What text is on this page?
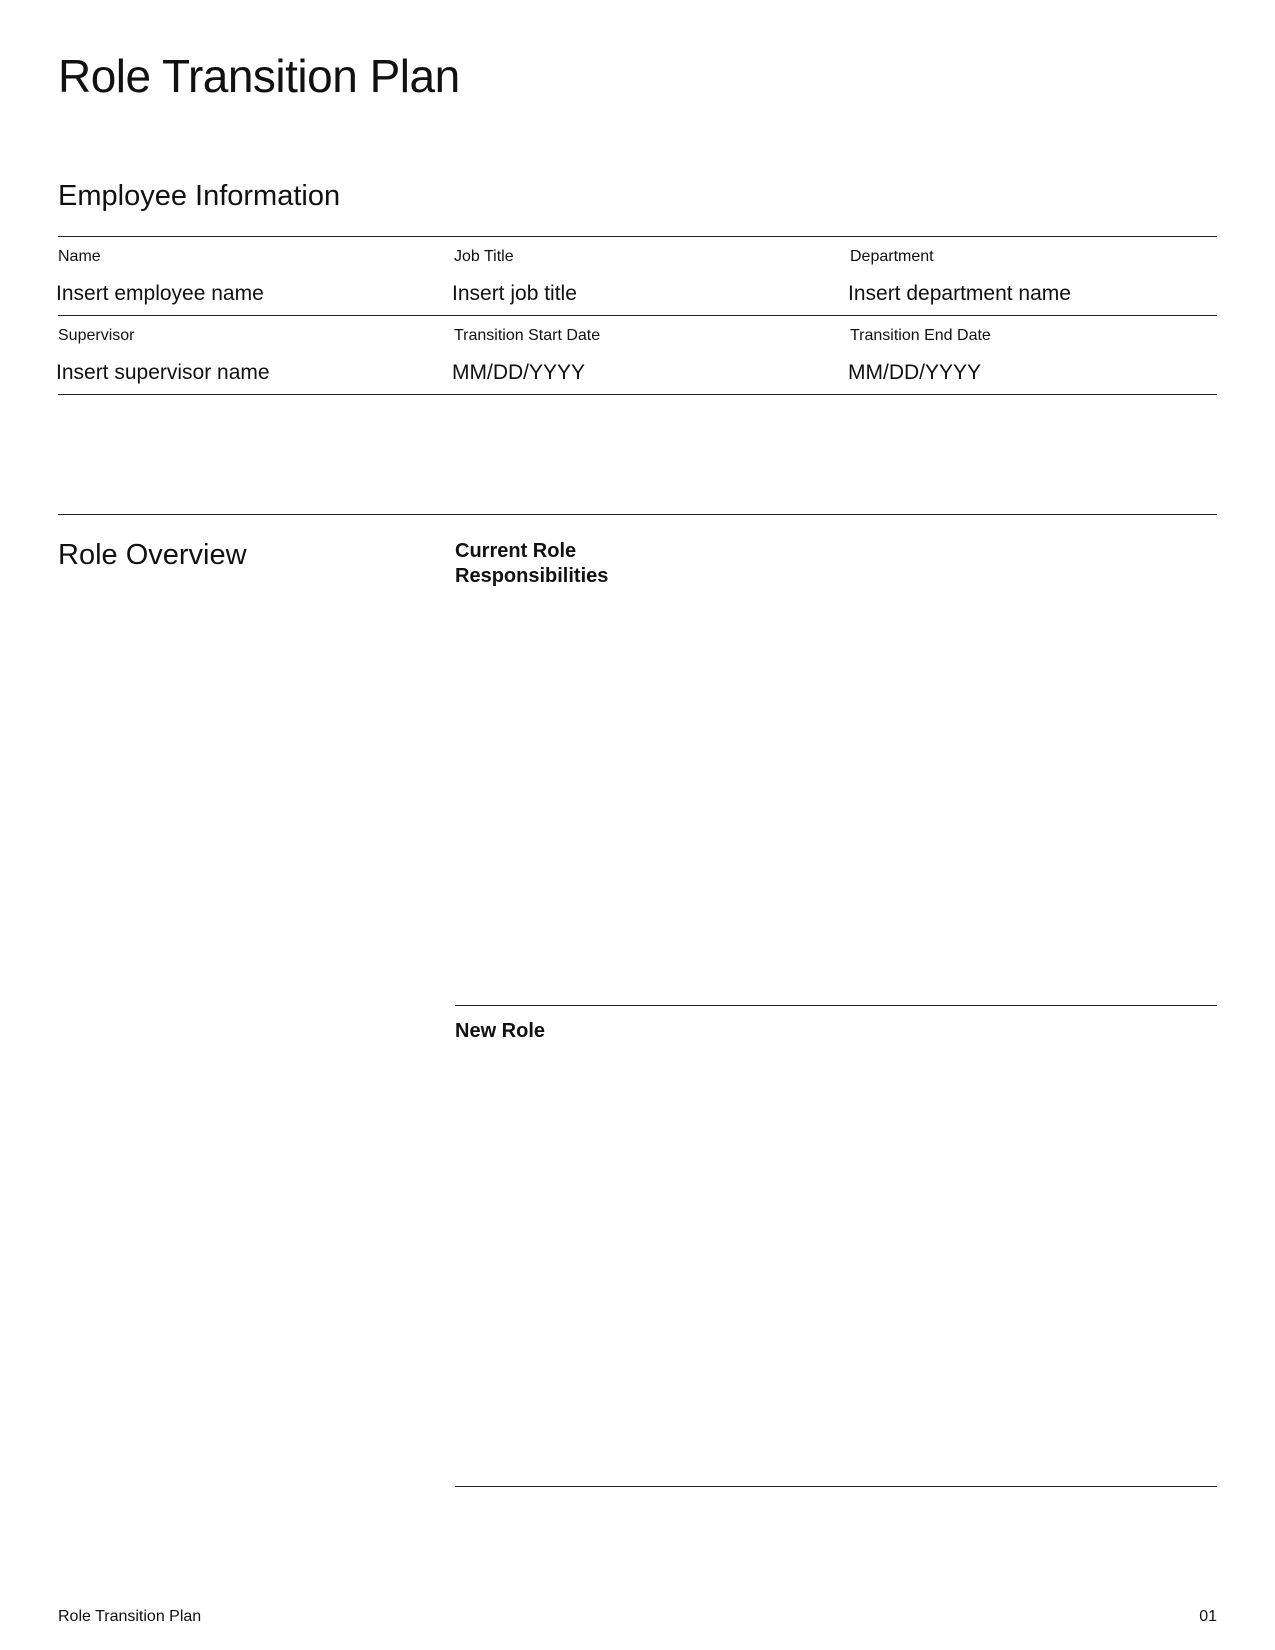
Role Transition Plan
Employee Information
Name
Insert employee name
Job Title
Insert job title
Department
Insert department name
Supervisor
Insert supervisor name
Transition Start Date
MM/DD/YYYY
Transition End Date
MM/DD/YYYY
Role Overview	Current Role
Responsibilities
New Role
Role Transition Plan	01
